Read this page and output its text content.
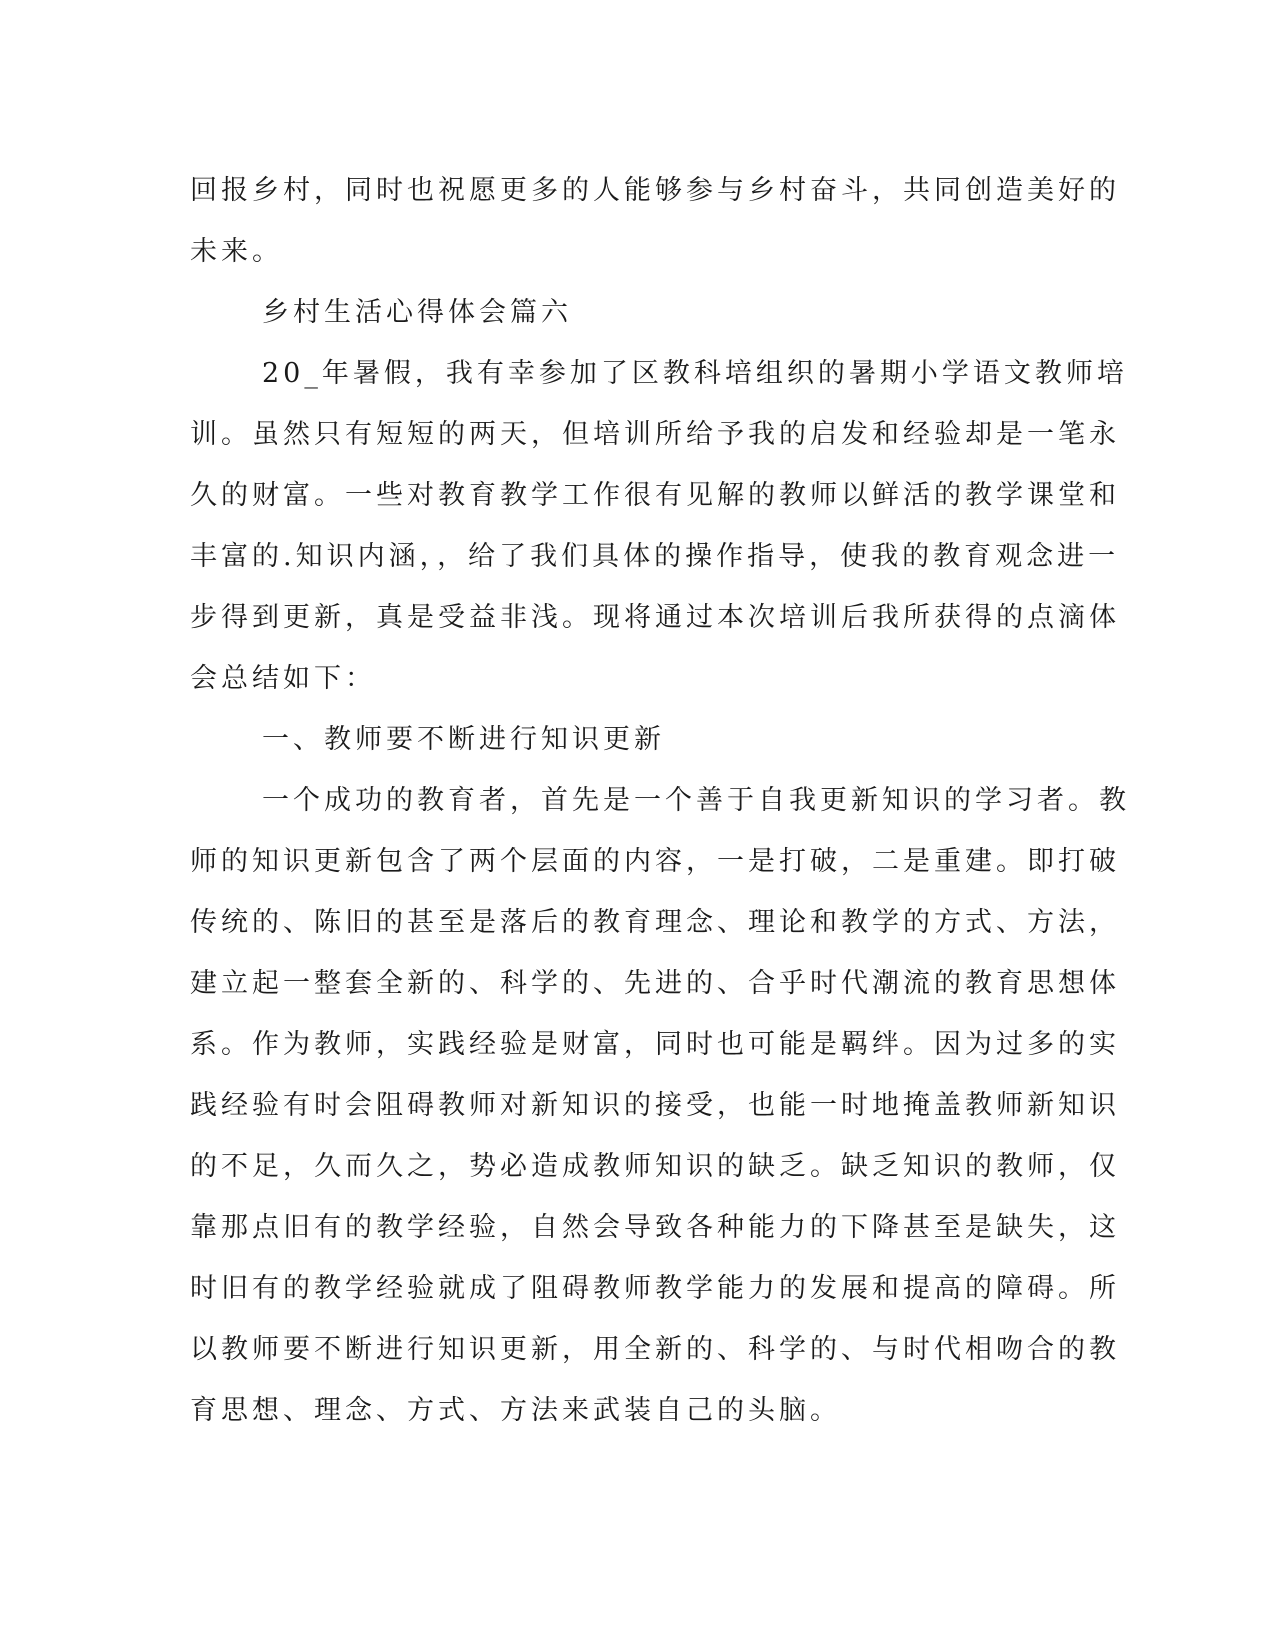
回报乡村，同时也祝愿更多的人能够参与乡村奋斗，共同创造美好的
未来。
乡村生活心得体会篇六
20_年暑假，我有幸参加了区教科培组织的暑期小学语文教师培
训。虽然只有短短的两天，但培训所给予我的启发和经验却是一笔永
久的财富。一些对教育教学工作很有见解的教师以鲜活的教学课堂和
丰富的.知识内涵，，给了我们具体的操作指导，使我的教育观念进一
步得到更新，真是受益非浅。现将通过本次培训后我所获得的点滴体
会总结如下：
一、教师要不断进行知识更新
一个成功的教育者，首先是一个善于自我更新知识的学习者。教
师的知识更新包含了两个层面的内容，一是打破，二是重建。即打破
传统的、陈旧的甚至是落后的教育理念、理论和教学的方式、方法，
建立起一整套全新的、科学的、先进的、合乎时代潮流的教育思想体
系。作为教师，实践经验是财富，同时也可能是羁绊。因为过多的实
践经验有时会阻碍教师对新知识的接受，也能一时地掩盖教师新知识
的不足，久而久之，势必造成教师知识的缺乏。缺乏知识的教师，仅
靠那点旧有的教学经验，自然会导致各种能力的下降甚至是缺失，这
时旧有的教学经验就成了阻碍教师教学能力的发展和提高的障碍。所
以教师要不断进行知识更新，用全新的、科学的、与时代相吻合的教
育思想、理念、方式、方法来武装自己的头脑。
